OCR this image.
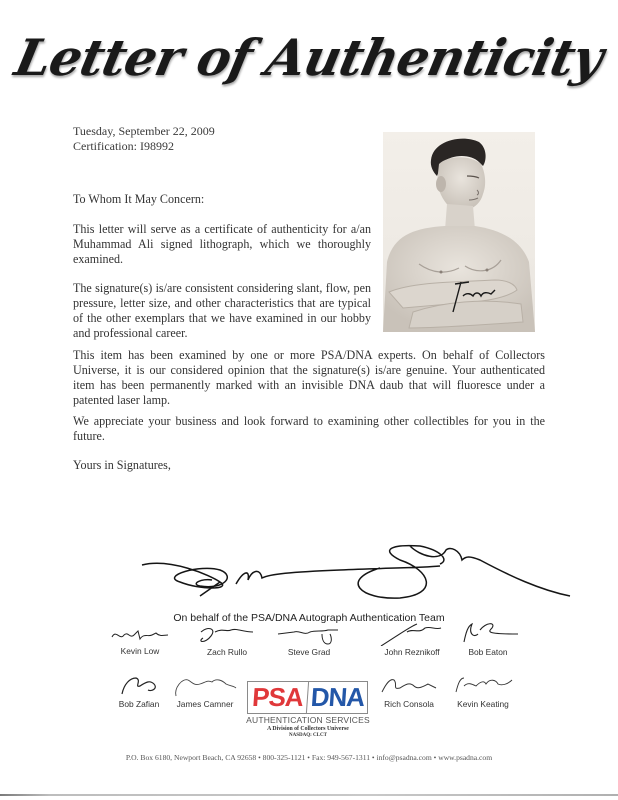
Letter of Authenticity
Tuesday, September 22, 2009
Certification: I98992
To Whom It May Concern:
This letter will serve as a certificate of authenticity for a/an Muhammad Ali signed lithograph, which we thoroughly examined.
The signature(s) is/are consistent considering slant, flow, pen pressure, letter size, and other characteristics that are typical of the other exemplars that we have examined in our hobby and professional career.
This item has been examined by one or more PSA/DNA experts. On behalf of Collectors Universe, it is our considered opinion that the signature(s) is/are genuine. Your authenticated item has been permanently marked with an invisible DNA daub that will fluoresce under a patented laser lamp.
We appreciate your business and look forward to examining other collectibles for you in the future.
Yours in Signatures,
On behalf of the PSA/DNA Autograph Authentication Team
Kevin Low	Zach Rullo	Steve Grad	John Reznikoff	Bob Eaton
Bob Zafian	James Camner	Rich Consola	Kevin Keating
PSA DNA
AUTHENTICATION SERVICES
A Division of Collectors Universe
NASDAQ: CLCT
P.O. Box 6180, Newport Beach, CA 92658 • 800-325-1121 • Fax: 949-567-1311 • info@psadna.com • www.psadna.com
